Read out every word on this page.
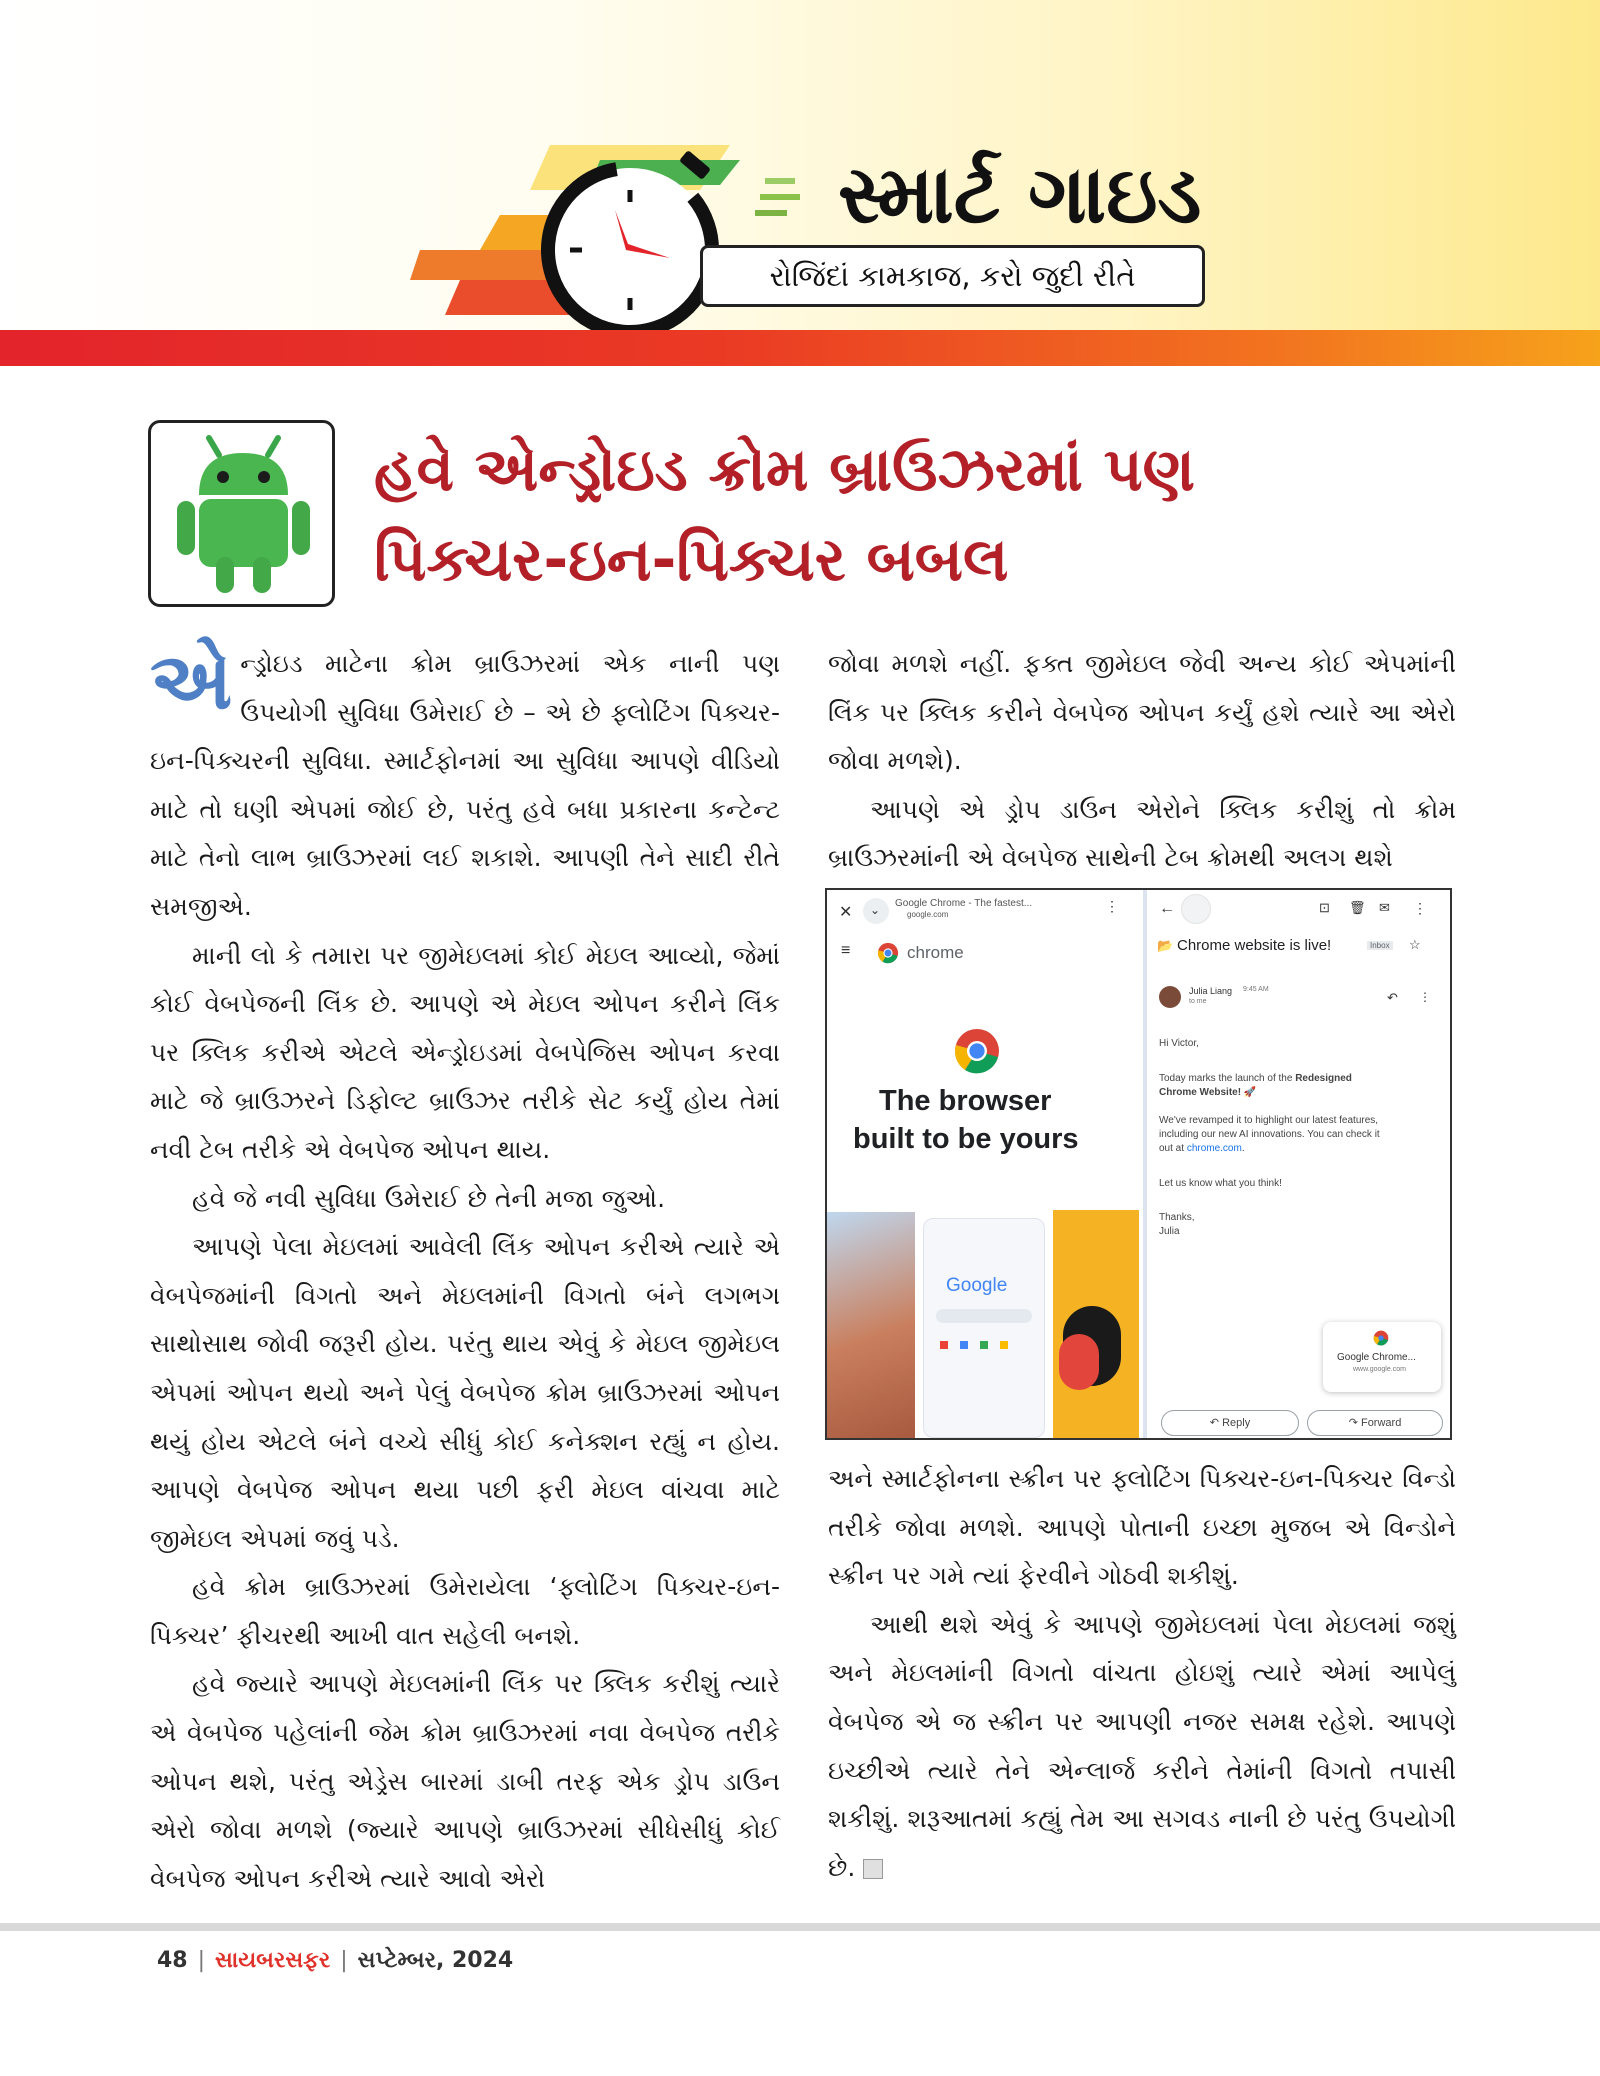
સ્માર્ટ ગાઇડ
રોજિંદાં કામકાજ, કરો જુદી રીતે
હવે એન્ડ્રોઇડ ક્રોમ બ્રાઉઝરમાં પણ
પિક્ચર-ઇન-પિક્ચર બબલ

એન્ડ્રોઇડ માટેના ક્રોમ બ્રાઉઝરમાં એક નાની પણ ઉપયોગી સુવિધા ઉમેરાઈ છે – એ છે ફ્લોટિંગ પિક્ચર-ઇન-પિક્ચરની સુવિધા. સ્માર્ટફોનમાં આ સુવિધા આપણે વીડિયો માટે તો ઘણી એપમાં જોઈ છે, પરંતુ હવે બધા પ્રકારના કન્ટેન્ટ માટે તેનો લાભ બ્રાઉઝરમાં લઈ શકાશે. આપણી તેને સાદી રીતે સમજીએ.

માની લો કે તમારા પર જીમેઇલમાં કોઈ મેઇલ આવ્યો, જેમાં કોઈ વેબપેજની લિંક છે. આપણે એ મેઇલ ઓપન કરીને લિંક પર ક્લિક કરીએ એટલે એન્ડ્રોઇડમાં વેબપેજિસ ઓપન કરવા માટે જે બ્રાઉઝરને ડિફોલ્ટ બ્રાઉઝર તરીકે સેટ કર્યું હોય તેમાં નવી ટેબ તરીકે એ વેબપેજ ઓપન થાય.

હવે જે નવી સુવિધા ઉમેરાઈ છે તેની મજા જુઓ.

આપણે પેલા મેઇલમાં આવેલી લિંક ઓપન કરીએ ત્યારે એ વેબપેજમાંની વિગતો અને મેઇલમાંની વિગતો બંને લગભગ સાથોસાથ જોવી જરૂરી હોય. પરંતુ થાય એવું કે મેઇલ જીમેઇલ એપમાં ઓપન થયો અને પેલું વેબપેજ ક્રોમ બ્રાઉઝરમાં ઓપન થયું હોય એટલે બંને વચ્ચે સીધું કોઈ કનેક્શન રહ્યું ન હોય. આપણે વેબપેજ ઓપન થયા પછી ફરી મેઇલ વાંચવા માટે જીમેઇલ એપમાં જવું પડે.

હવે ક્રોમ બ્રાઉઝરમાં ઉમેરાયેલા ‘ફ્લોટિંગ પિક્ચર-ઇન-પિક્ચર’ ફીચરથી આખી વાત સહેલી બનશે.

હવે જ્યારે આપણે મેઇલમાંની લિંક પર ક્લિક કરીશું ત્યારે એ વેબપેજ પહેલાંની જેમ ક્રોમ બ્રાઉઝરમાં નવા વેબપેજ તરીકે ઓપન થશે, પરંતુ એડ્રેસ બારમાં ડાબી તરફ એક ડ્રોપ ડાઉન એરો જોવા મળશે (જ્યારે આપણે બ્રાઉઝરમાં સીધેસીધું કોઈ વેબપેજ ઓપન કરીએ ત્યારે આવો એરો

જોવા મળશે નહીં. ફક્ત જીમેઇલ જેવી અન્ય કોઈ એપમાંની લિંક પર ક્લિક કરીને વેબપેજ ઓપન કર્યું હશે ત્યારે આ એરો જોવા મળશે).

આપણે એ ડ્રોપ ડાઉન એરોને ક્લિક કરીશું તો ક્રોમ બ્રાઉઝરમાંની એ વેબપેજ સાથેની ટેબ ક્રોમથી અલગ થશે

✕ ⌄ Google Chrome - The fastest...
google.com
⋮
≡	chrome
The browser
built to be yours
Google
←	⊡ 🗑 ✉ ⋮
📂 Chrome website is live!	Inbox ☆
Julia Liang 9:45 AM
to me	↶ ⋮
Hi Victor,
Today marks the launch of the Redesigned
Chrome Website! 🚀
We've revamped it to highlight our latest features,
including our new AI innovations. You can check it
out at chrome.com.
Let us know what you think!
Thanks,
Julia
Google Chrome...
www.google.com
↶ Reply	↷ Forward

અને સ્માર્ટફોનના સ્ક્રીન પર ફ્લોટિંગ પિક્ચર-ઇન-પિક્ચર વિન્ડો તરીકે જોવા મળશે. આપણે પોતાની ઇચ્છા મુજબ એ વિન્ડોને સ્ક્રીન પર ગમે ત્યાં ફેરવીને ગોઠવી શકીશું.

આથી થશે એવું કે આપણે જીમેઇલમાં પેલા મેઇલમાં જશું અને મેઇલમાંની વિગતો વાંચતા હોઇશું ત્યારે એમાં આપેલું વેબપેજ એ જ સ્ક્રીન પર આપણી નજર સમક્ષ રહેશે. આપણે ઇચ્છીએ ત્યારે તેને એન્લાર્જ કરીને તેમાંની વિગતો તપાસી શકીશું. શરૂઆતમાં કહ્યું તેમ આ સગવડ નાની છે પરંતુ ઉપયોગી છે.

48 | સાયબરસફર | સપ્ટેમ્બર, 2024
